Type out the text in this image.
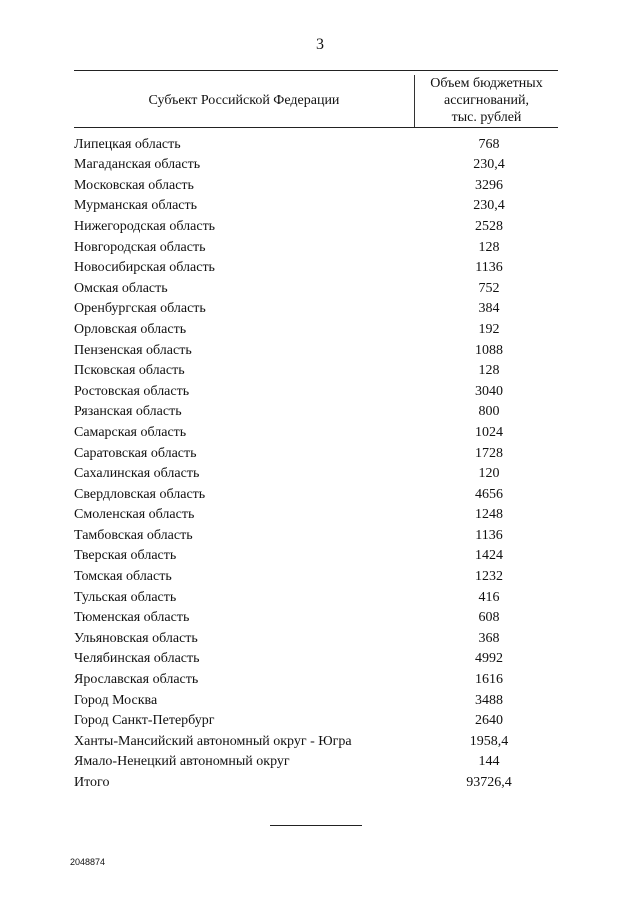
3
Субъект Российской Федерации
Объем бюджетных
ассигнований,
тыс. рублей
Липецкая область	768
Магаданская область	230,4
Московская область	3296
Мурманская область	230,4
Нижегородская область	2528
Новгородская область	128
Новосибирская область	1136
Омская область	752
Оренбургская область	384
Орловская область	192
Пензенская область	1088
Псковская область	128
Ростовская область	3040
Рязанская область	800
Самарская область	1024
Саратовская область	1728
Сахалинская область	120
Свердловская область	4656
Смоленская область	1248
Тамбовская область	1136
Тверская область	1424
Томская область	1232
Тульская область	416
Тюменская область	608
Ульяновская область	368
Челябинская область	4992
Ярославская область	1616
Город Москва	3488
Город Санкт-Петербург	2640
Ханты-Мансийский автономный округ - Югра	1958,4
Ямало-Ненецкий автономный округ	144
Итого	93726,4
2048874
